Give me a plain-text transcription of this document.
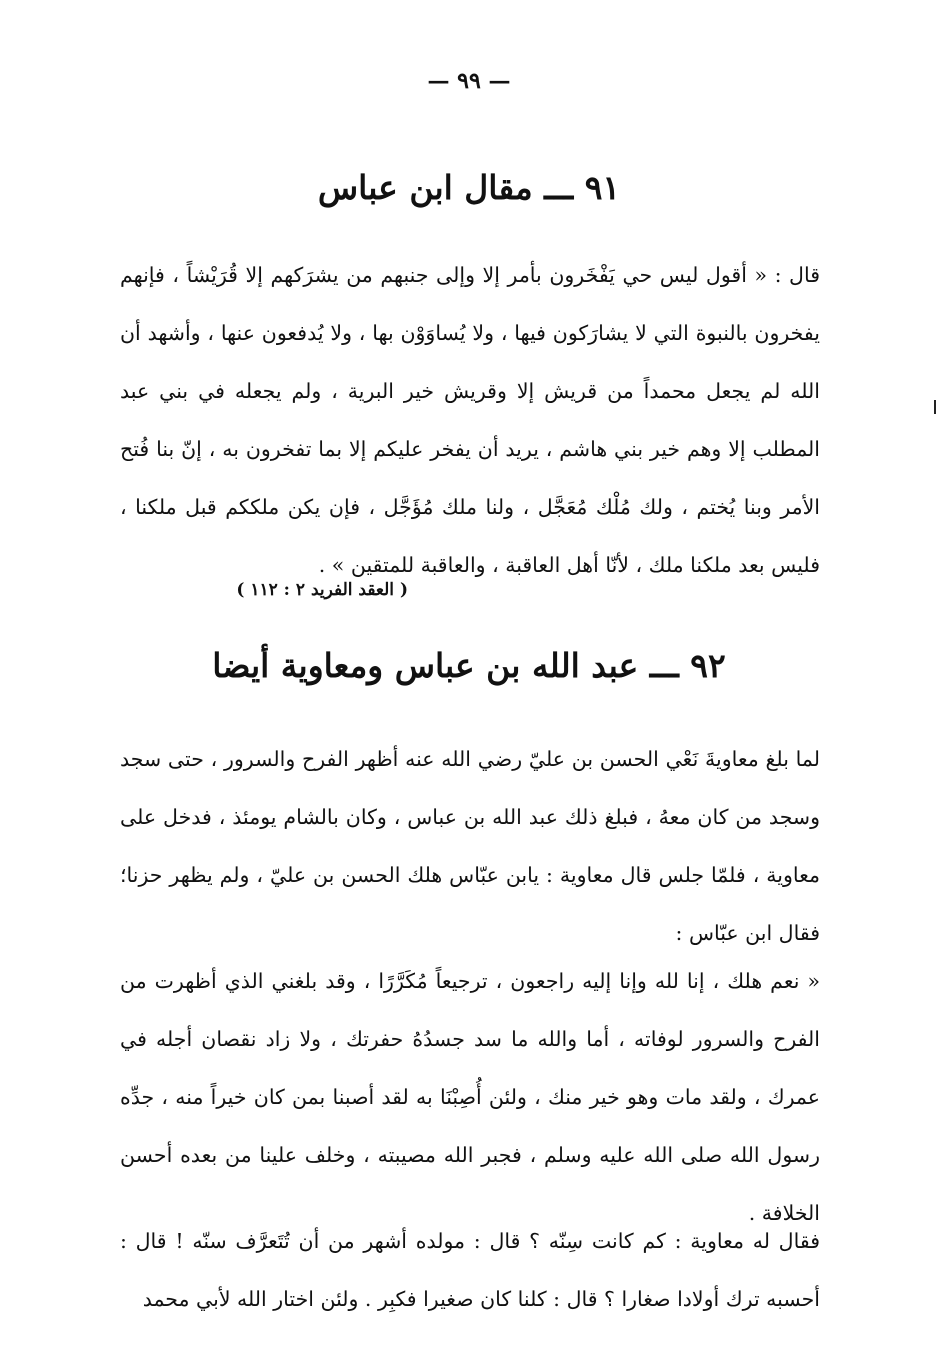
— ٩٩ —
٩١ ـــ مقال ابن عباس

قال : « أقول ليس حي يَفْخَرون بأمر إلا وإلى جنبهم من يشرَكهم إلا قُرَيْشاً ، فإنهم يفخرون بالنبوة التي لا يشارَكون فيها ، ولا يُساوَوْن بها ، ولا يُدفعون عنها ، وأشهد أن الله لم يجعل محمداً من قريش إلا وقريش خير البرية ، ولم يجعله في بني عبد المطلب إلا وهم خير بني هاشم ، يريد أن يفخر عليكم إلا بما تفخرون به ، إنّ بنا فُتح الأمر وبنا يُختم ، ولك مُلْك مُعَجَّل ، ولنا ملك مُؤَجَّل ، فإن يكن ملككم قبل ملكنا ، فليس بعد ملكنا ملك ، لأنّا أهل العاقبة ، والعاقبة للمتقين » .

( العقد الفريد ٢ : ١١٢ )
٩٢ ـــ عبد الله بن عباس ومعاوية أيضا

لما بلغ معاويةَ نَعْي الحسن بن عليّ رضي الله عنه أظهر الفرح والسرور ، حتى سجد وسجد من كان معهُ ، فبلغ ذلك عبد الله بن عباس ، وكان بالشام يومئذ ، فدخل على معاوية ، فلمّا جلس قال معاوية : يابن عبّاس هلك الحسن بن عليّ ، ولم يظهر حزنا؛ فقال ابن عبّاس :

« نعم هلك ، إنا لله وإنا إليه راجعون ، ترجيعاً مُكَرَّرًا ، وقد بلغني الذي أظهرت من الفرح والسرور لوفاته ، أما والله ما سد جسدُهُ حفرتك ، ولا زاد نقصان أجله في عمرك ، ولقد مات وهو خير منك ، ولئن أُصِبْنَا به لقد أصبنا بمن كان خيراً منه ، جدِّه رسول الله صلى الله عليه وسلم ، فجبر الله مصيبته ، وخلف علينا من بعده أحسن الخلافة .

فقال له معاوية : كم كانت سِنّه ؟ قال : مولده أشهر من أن تُتَعرَّف سنّه ! قال : أحسبه ترك أولادا صغارا ؟ قال : كلنا كان صغيرا فكبِر . ولئن اختار الله لأبي محمد
